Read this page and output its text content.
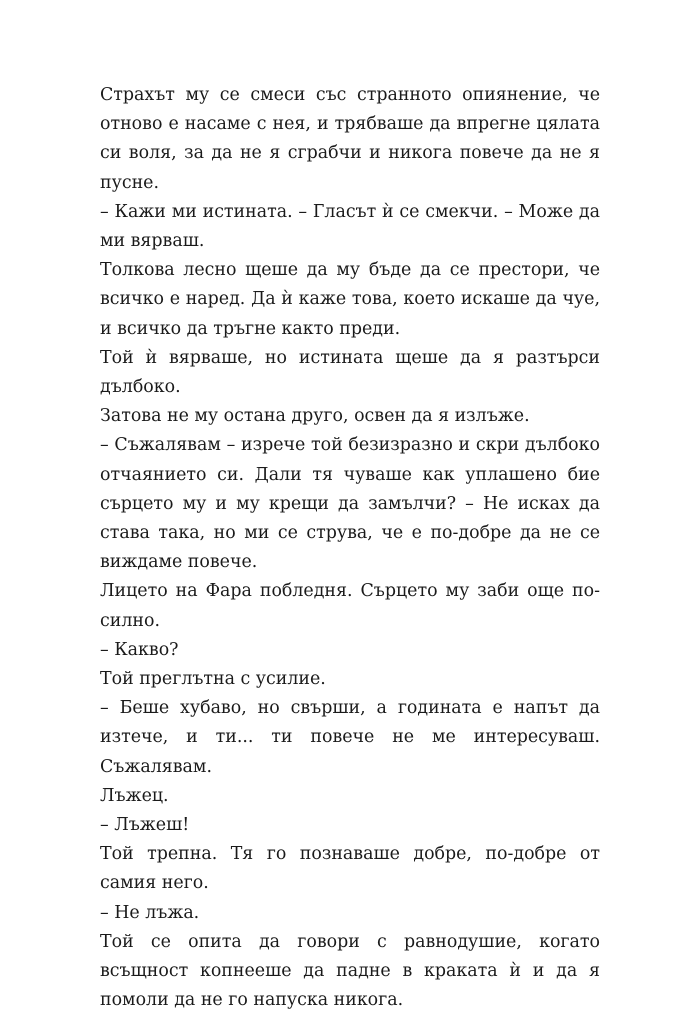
Страхът му се смеси със странното опиянение, че отново е насаме с нея, и трябваше да впрегне цялата си воля, за да не я сграбчи и никога повече да не я пусне.

– Кажи ми истината. – Гласът ѝ се смекчи. – Може да ми вярваш.

Толкова лесно щеше да му бъде да се престори, че всичко е наред. Да ѝ каже това, което искаше да чуе, и всичко да тръгне както преди.

Той ѝ вярваше, но истината щеше да я разтърси дълбоко.

Затова не му остана друго, освен да я излъже.

– Съжалявам – изрече той безизразно и скри дълбоко отчаянието си. Дали тя чуваше как уплашено бие сърцето му и му крещи да замълчи? – Не исках да става така, но ми се струва, че е по-добре да не се виждаме повече.

Лицето на Фара побледня. Сърцето му заби още по-силно.

– Какво?

Той преглътна с усилие.

– Беше хубаво, но свърши, а годината е напът да изтече, и ти... ти повече не ме интересуваш. Съжалявам.

Лъжец.

– Лъжеш!

Той трепна. Тя го познаваше добре, по-добре от самия него.

– Не лъжа.

Той се опита да говори с равнодушие, когато всъщност копнееше да падне в краката ѝ и да я помоли да не го напуска никога.
